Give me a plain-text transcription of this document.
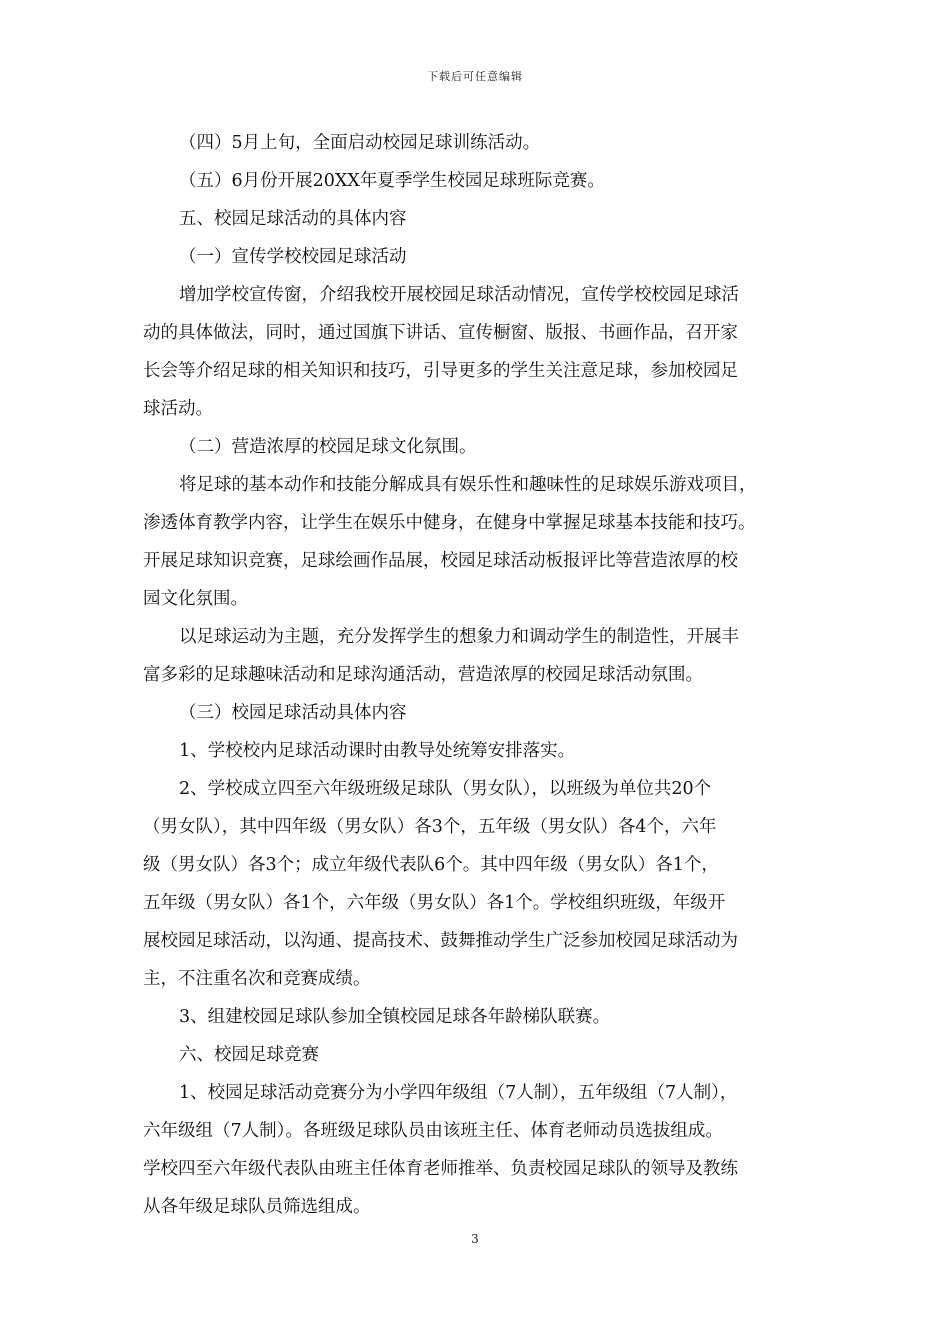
下载后可任意编辑
（四）5月上旬，全面启动校园足球训练活动。
（五）6月份开展20XX年夏季学生校园足球班际竞赛。
五、校园足球活动的具体内容
（一）宣传学校校园足球活动
增加学校宣传窗，介绍我校开展校园足球活动情况，宣传学校校园足球活
动的具体做法，同时，通过国旗下讲话、宣传橱窗、版报、书画作品，召开家
长会等介绍足球的相关知识和技巧，引导更多的学生关注意足球，参加校园足
球活动。
（二）营造浓厚的校园足球文化氛围。
将足球的基本动作和技能分解成具有娱乐性和趣味性的足球娱乐游戏项目，
渗透体育教学内容，让学生在娱乐中健身，在健身中掌握足球基本技能和技巧。
开展足球知识竞赛，足球绘画作品展，校园足球活动板报评比等营造浓厚的校
园文化氛围。
以足球运动为主题，充分发挥学生的想象力和调动学生的制造性，开展丰
富多彩的足球趣味活动和足球沟通活动，营造浓厚的校园足球活动氛围。
（三）校园足球活动具体内容
1、学校校内足球活动课时由教导处统筹安排落实。
2、学校成立四至六年级班级足球队（男女队），以班级为单位共20个
（男女队），其中四年级（男女队）各3个，五年级（男女队）各4个，六年
级（男女队）各3个；成立年级代表队6个。其中四年级（男女队）各1个，
五年级（男女队）各1个，六年级（男女队）各1个。学校组织班级，年级开
展校园足球活动，以沟通、提高技术、鼓舞推动学生广泛参加校园足球活动为
主，不注重名次和竞赛成绩。
3、组建校园足球队参加全镇校园足球各年龄梯队联赛。
六、校园足球竞赛
1、校园足球活动竞赛分为小学四年级组（7人制），五年级组（7人制），
六年级组（7人制）。各班级足球队员由该班主任、体育老师动员选拔组成。
学校四至六年级代表队由班主任体育老师推举、负责校园足球队的领导及教练
从各年级足球队员筛选组成。
3
